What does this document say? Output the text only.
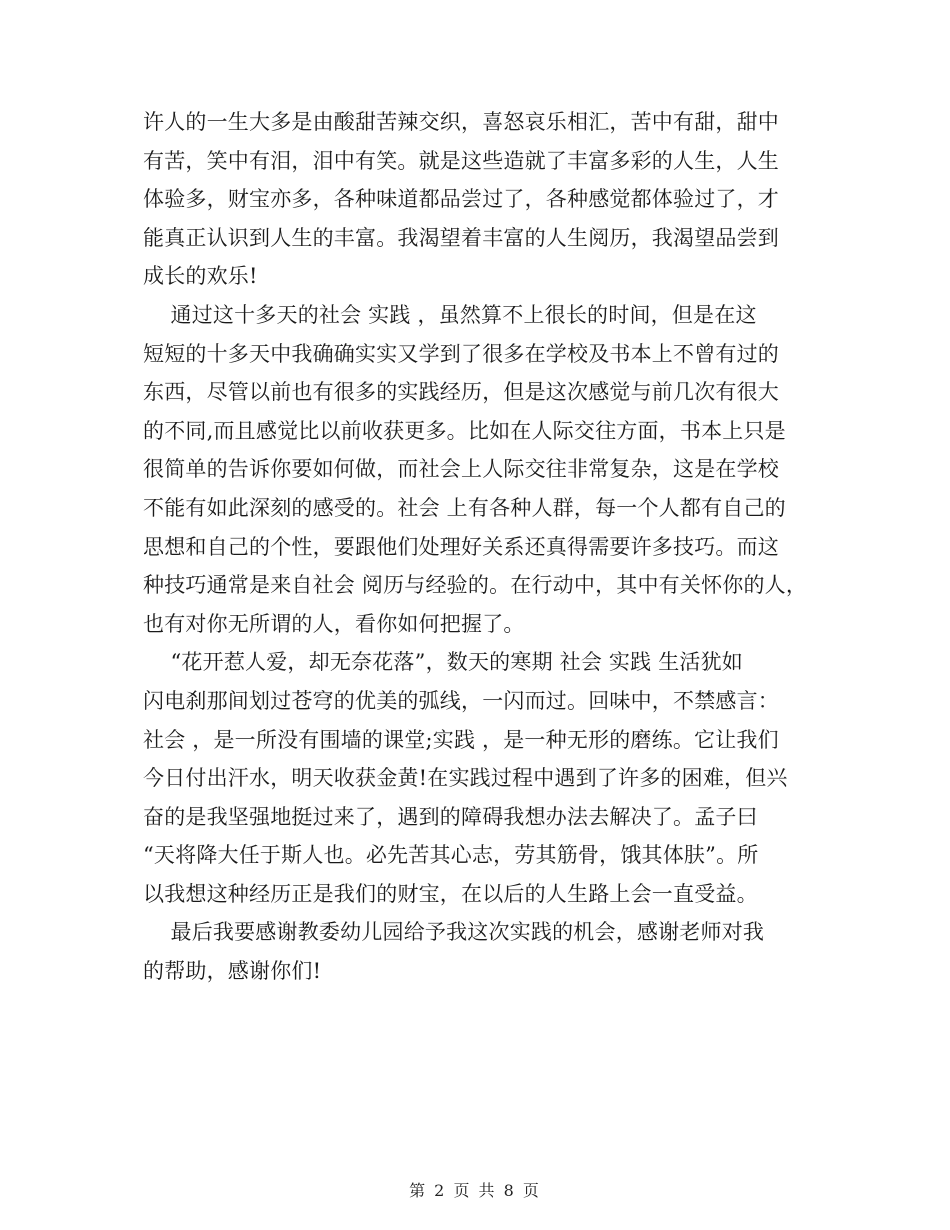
许人的一生大多是由酸甜苦辣交织，喜怒哀乐相汇，苦中有甜，甜中
有苦，笑中有泪，泪中有笑。就是这些造就了丰富多彩的人生，人生
体验多，财宝亦多，各种味道都品尝过了，各种感觉都体验过了，才
能真正认识到人生的丰富。我渴望着丰富的人生阅历，我渴望品尝到
成长的欢乐!
通过这十多天的社会 实践 ，虽然算不上很长的时间，但是在这
短短的十多天中我确确实实又学到了很多在学校及书本上不曾有过的
东西，尽管以前也有很多的实践经历，但是这次感觉与前几次有很大
的不同,而且感觉比以前收获更多。比如在人际交往方面，书本上只是
很简单的告诉你要如何做，而社会上人际交往非常复杂，这是在学校
不能有如此深刻的感受的。社会 上有各种人群，每一个人都有自己的
思想和自己的个性，要跟他们处理好关系还真得需要许多技巧。而这
种技巧通常是来自社会 阅历与经验的。在行动中，其中有关怀你的人，
也有对你无所谓的人，看你如何把握了。
“花开惹人爱，却无奈花落”，数天的寒期 社会 实践 生活犹如
闪电刹那间划过苍穹的优美的弧线，一闪而过。回味中，不禁感言：
社会 ，是一所没有围墙的课堂;实践 ，是一种无形的磨练。它让我们
今日付出汗水，明天收获金黄!在实践过程中遇到了许多的困难，但兴
奋的是我坚强地挺过来了，遇到的障碍我想办法去解决了。孟子曰
“天将降大任于斯人也。必先苦其心志，劳其筋骨，饿其体肤”。所
以我想这种经历正是我们的财宝，在以后的人生路上会一直受益。
最后我要感谢教委幼儿园给予我这次实践的机会，感谢老师对我
的帮助，感谢你们!
第 2 页 共 8 页
